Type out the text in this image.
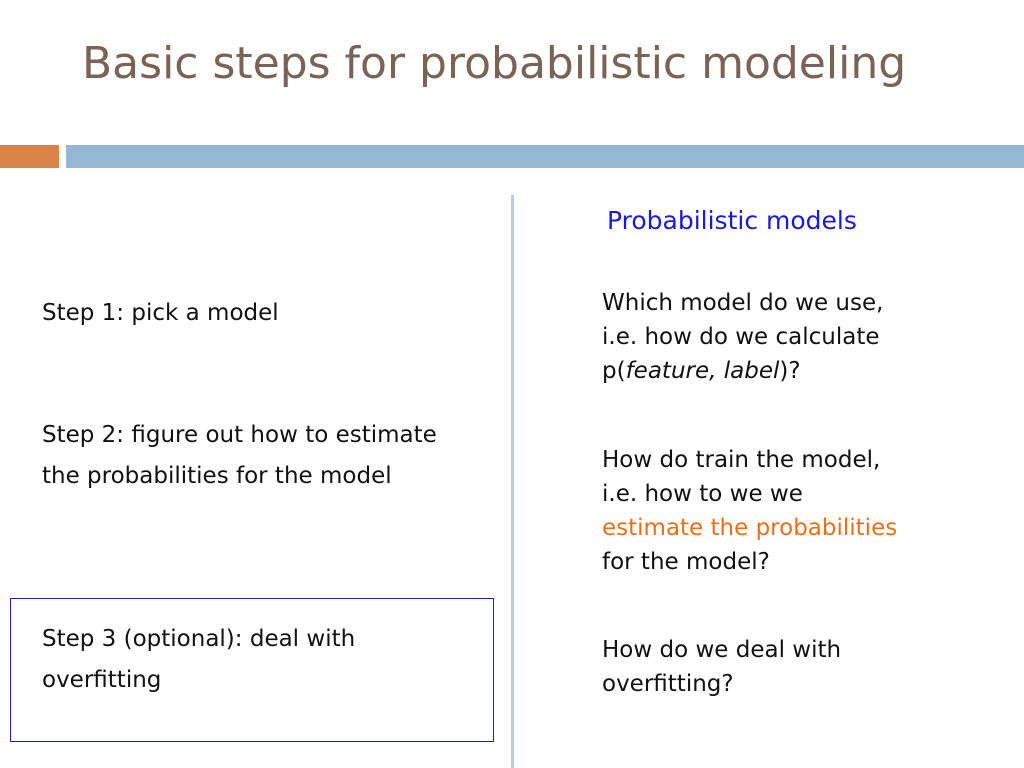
Basic steps for probabilistic modeling
Step 1: pick a model
Step 2: figure out how to estimate the probabilities for the model
Step 3 (optional): deal with overfitting
Probabilistic models
Which model do we use,
i.e. how do we calculate
p(feature, label)?
How do train the model,
i.e. how to we we
estimate the probabilities
for the model?
How do we deal with
overfitting?
